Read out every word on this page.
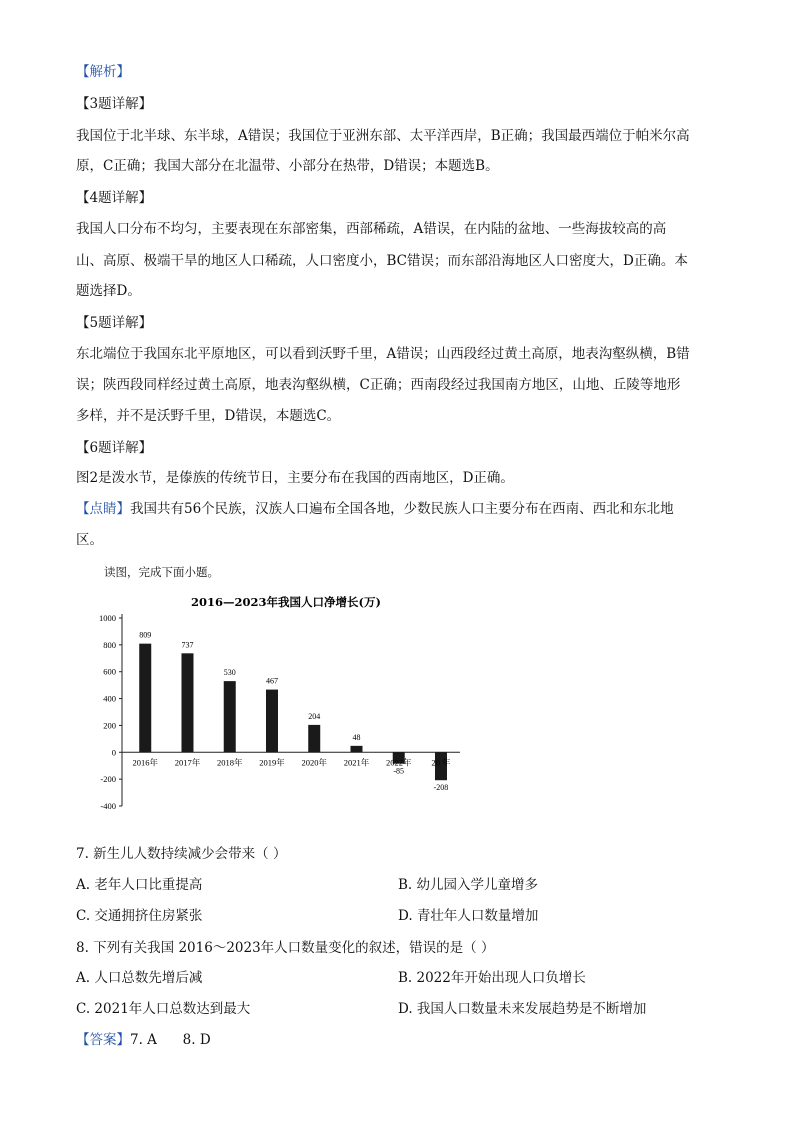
【解析】
【3题详解】
我国位于北半球、东半球，A错误；我国位于亚洲东部、太平洋西岸，B正确；我国最西端位于帕米尔高
原，C正确；我国大部分在北温带、小部分在热带，D错误；本题选B。
【4题详解】
我国人口分布不均匀，主要表现在东部密集，西部稀疏，A错误，在内陆的盆地、一些海拔较高的高
山、高原、极端干旱的地区人口稀疏，人口密度小，BC错误；而东部沿海地区人口密度大，D正确。本
题选择D。
【5题详解】
东北端位于我国东北平原地区，可以看到沃野千里，A错误；山西段经过黄土高原，地表沟壑纵横，B错
误；陕西段同样经过黄土高原，地表沟壑纵横，C正确；西南段经过我国南方地区，山地、丘陵等地形
多样，并不是沃野千里，D错误，本题选C。
【6题详解】
图2是泼水节，是傣族的传统节日，主要分布在我国的西南地区，D正确。
【点睛】我国共有56个民族，汉族人口遍布全国各地，少数民族人口主要分布在西南、西北和东北地
区。
读图，完成下面小题。
2016—2023年我国人口净增长(万)
1000
800
600
400
200
0
-200
-400
809
2016年
737
2017年
530
2018年
467
2019年
204
2020年
48
2021年
-85
2022年
-208
20 年
7. 新生儿人数持续减少会带来（ ）
A. 老年人口比重提高	B. 幼儿园入学儿童增多
C. 交通拥挤住房紧张	D. 青壮年人口数量增加
8. 下列有关我国 2016～2023年人口数量变化的叙述，错误的是（ ）
A. 人口总数先增后减	B. 2022年开始出现人口负增长
C. 2021年人口总数达到最大	D. 我国人口数量未来发展趋势是不断增加
【答案】7. A      8. D
